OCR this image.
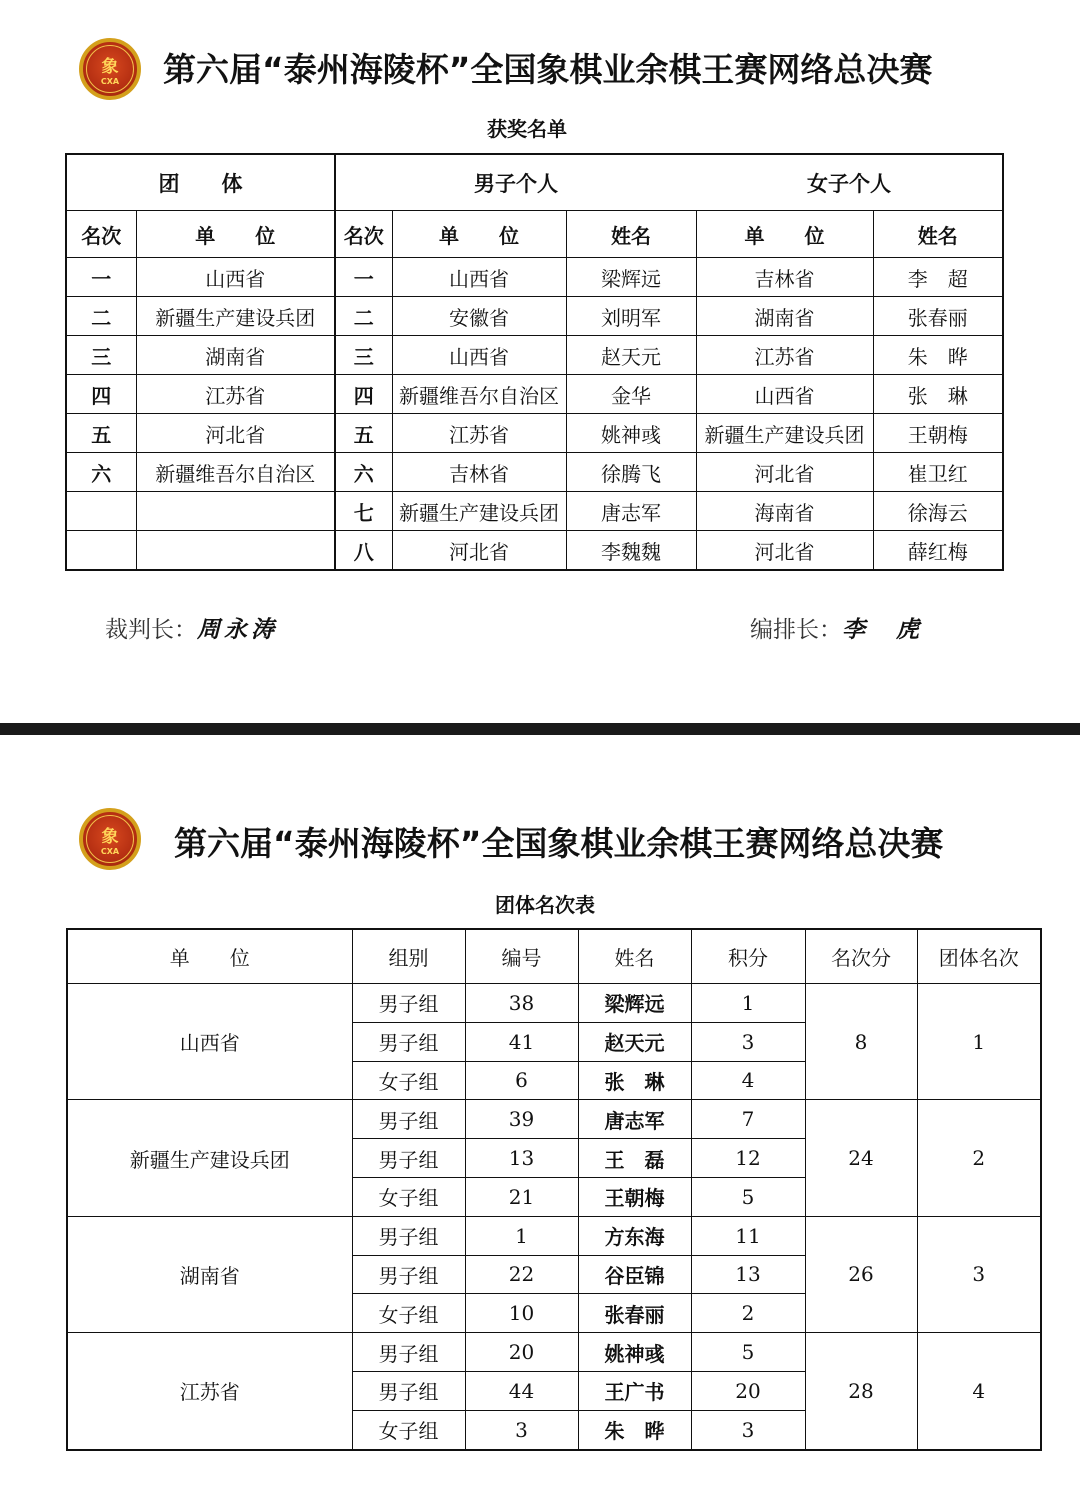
象
CXA	第六届“泰州海陵杯”全国象棋业余棋王赛网络总决赛
获奖名单
团　　体		男子个人			女子个人	
名次	单　　位	名次	单　　位	姓名	单　　位	姓名
一	山西省	一	山西省	梁辉远	吉林省	李　超
二	新疆生产建设兵团	二	安徽省	刘明军	湖南省	张春丽
三	湖南省	三	山西省	赵天元	江苏省	朱　晔
四	江苏省	四	新疆维吾尔自治区	金华	山西省	张　琳
五	河北省	五	江苏省	姚神彧	新疆生产建设兵团	王朝梅
六	新疆维吾尔自治区	六	吉林省	徐腾飞	河北省	崔卫红
		七	新疆生产建设兵团	唐志军	海南省	徐海云
		八	河北省	李魏魏	河北省	薛红梅
裁判长：周永涛	编排长：李　虎
象
CXA	第六届“泰州海陵杯”全国象棋业余棋王赛网络总决赛
团体名次表
单　　位	组别	编号	姓名	积分	名次分	团体名次
山西省	男子组	38	梁辉远	1	8	1
	男子组	41	赵天元	3		
	女子组	6	张　琳	4		
新疆生产建设兵团	男子组	39	唐志军	7	24	2
	男子组	13	王　磊	12		
	女子组	21	王朝梅	5		
湖南省	男子组	1	方东海	11	26	3
	男子组	22	谷臣锦	13		
	女子组	10	张春丽	2		
江苏省	男子组	20	姚神彧	5	28	4
	男子组	44	王广书	20		
	女子组	3	朱　晔	3		
